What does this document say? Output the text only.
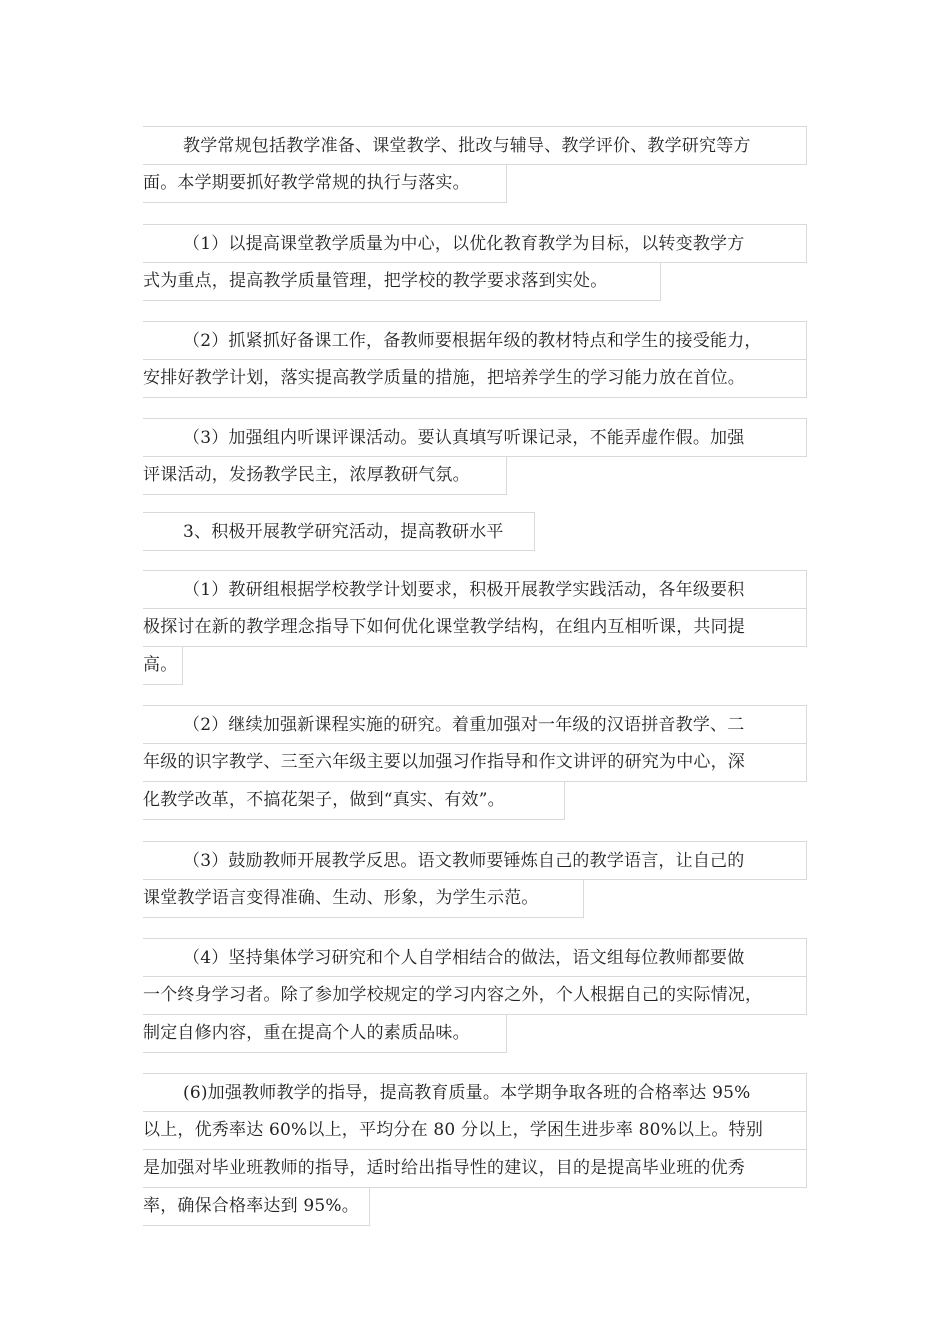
教学常规包括教学准备、课堂教学、批改与辅导、教学评价、教学研究等方
面。本学期要抓好教学常规的执行与落实。
（1）以提高课堂教学质量为中心，以优化教育教学为目标，以转变教学方
式为重点，提高教学质量管理，把学校的教学要求落到实处。
（2）抓紧抓好备课工作，备教师要根据年级的教材特点和学生的接受能力，
安排好教学计划，落实提高教学质量的措施，把培养学生的学习能力放在首位。
（3）加强组内听课评课活动。要认真填写听课记录，不能弄虚作假。加强
评课活动，发扬教学民主，浓厚教研气氛。
3、积极开展教学研究活动，提高教研水平
（1）教研组根据学校教学计划要求，积极开展教学实践活动，各年级要积
极探讨在新的教学理念指导下如何优化课堂教学结构，在组内互相听课，共同提
高。
（2）继续加强新课程实施的研究。着重加强对一年级的汉语拼音教学、二
年级的识字教学、三至六年级主要以加强习作指导和作文讲评的研究为中心，深
化教学改革，不搞花架子，做到“真实、有效”。
（3）鼓励教师开展教学反思。语文教师要锤炼自己的教学语言，让自己的
课堂教学语言变得准确、生动、形象，为学生示范。
（4）坚持集体学习研究和个人自学相结合的做法，语文组每位教师都要做
一个终身学习者。除了参加学校规定的学习内容之外，个人根据自己的实际情况，
制定自修内容，重在提高个人的素质品味。
(6)加强教师教学的指导，提高教育质量。本学期争取各班的合格率达 95%
以上，优秀率达 60%以上，平均分在 80 分以上，学困生进步率 80%以上。特别
是加强对毕业班教师的指导，适时给出指导性的建议，目的是提高毕业班的优秀
率，确保合格率达到 95%。
